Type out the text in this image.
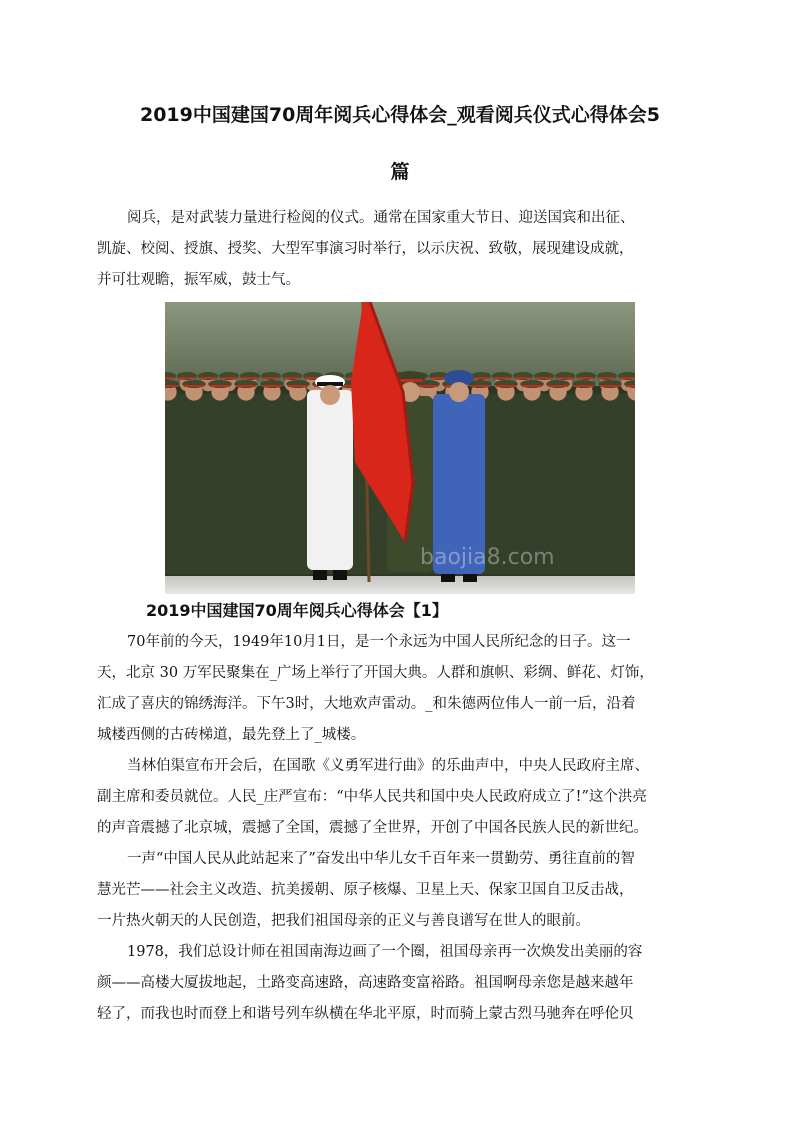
2019中国建国70周年阅兵心得体会_观看阅兵仪式心得体会5
篇
阅兵，是对武装力量进行检阅的仪式。通常在国家重大节日、迎送国宾和出征、
凯旋、校阅、授旗、授奖、大型军事演习时举行，以示庆祝、致敬，展现建设成就，
并可壮观瞻，振军威，鼓士气。
baojia8.com
2019中国建国70周年阅兵心得体会【1】
70年前的今天，1949年10月1日，是一个永远为中国人民所纪念的日子。这一
天，北京 30 万军民聚集在_广场上举行了开国大典。人群和旗帜、彩绸、鲜花、灯饰，
汇成了喜庆的锦绣海洋。下午3时，大地欢声雷动。_和朱德两位伟人一前一后，沿着
城楼西侧的古砖梯道，最先登上了_城楼。
当林伯渠宣布开会后，在国歌《义勇军进行曲》的乐曲声中，中央人民政府主席、
副主席和委员就位。人民_庄严宣布：“中华人民共和国中央人民政府成立了!”这个洪亮
的声音震撼了北京城，震撼了全国，震撼了全世界，开创了中国各民族人民的新世纪。
一声“中国人民从此站起来了”奋发出中华儿女千百年来一贯勤劳、勇往直前的智
慧光芒——社会主义改造、抗美援朝、原子核爆、卫星上天、保家卫国自卫反击战，
一片热火朝天的人民创造，把我们祖国母亲的正义与善良谱写在世人的眼前。
1978，我们总设计师在祖国南海边画了一个圈，祖国母亲再一次焕发出美丽的容
颜——高楼大厦拔地起，土路变高速路，高速路变富裕路。祖国啊母亲您是越来越年
轻了，而我也时而登上和谐号列车纵横在华北平原，时而骑上蒙古烈马驰奔在呼伦贝
